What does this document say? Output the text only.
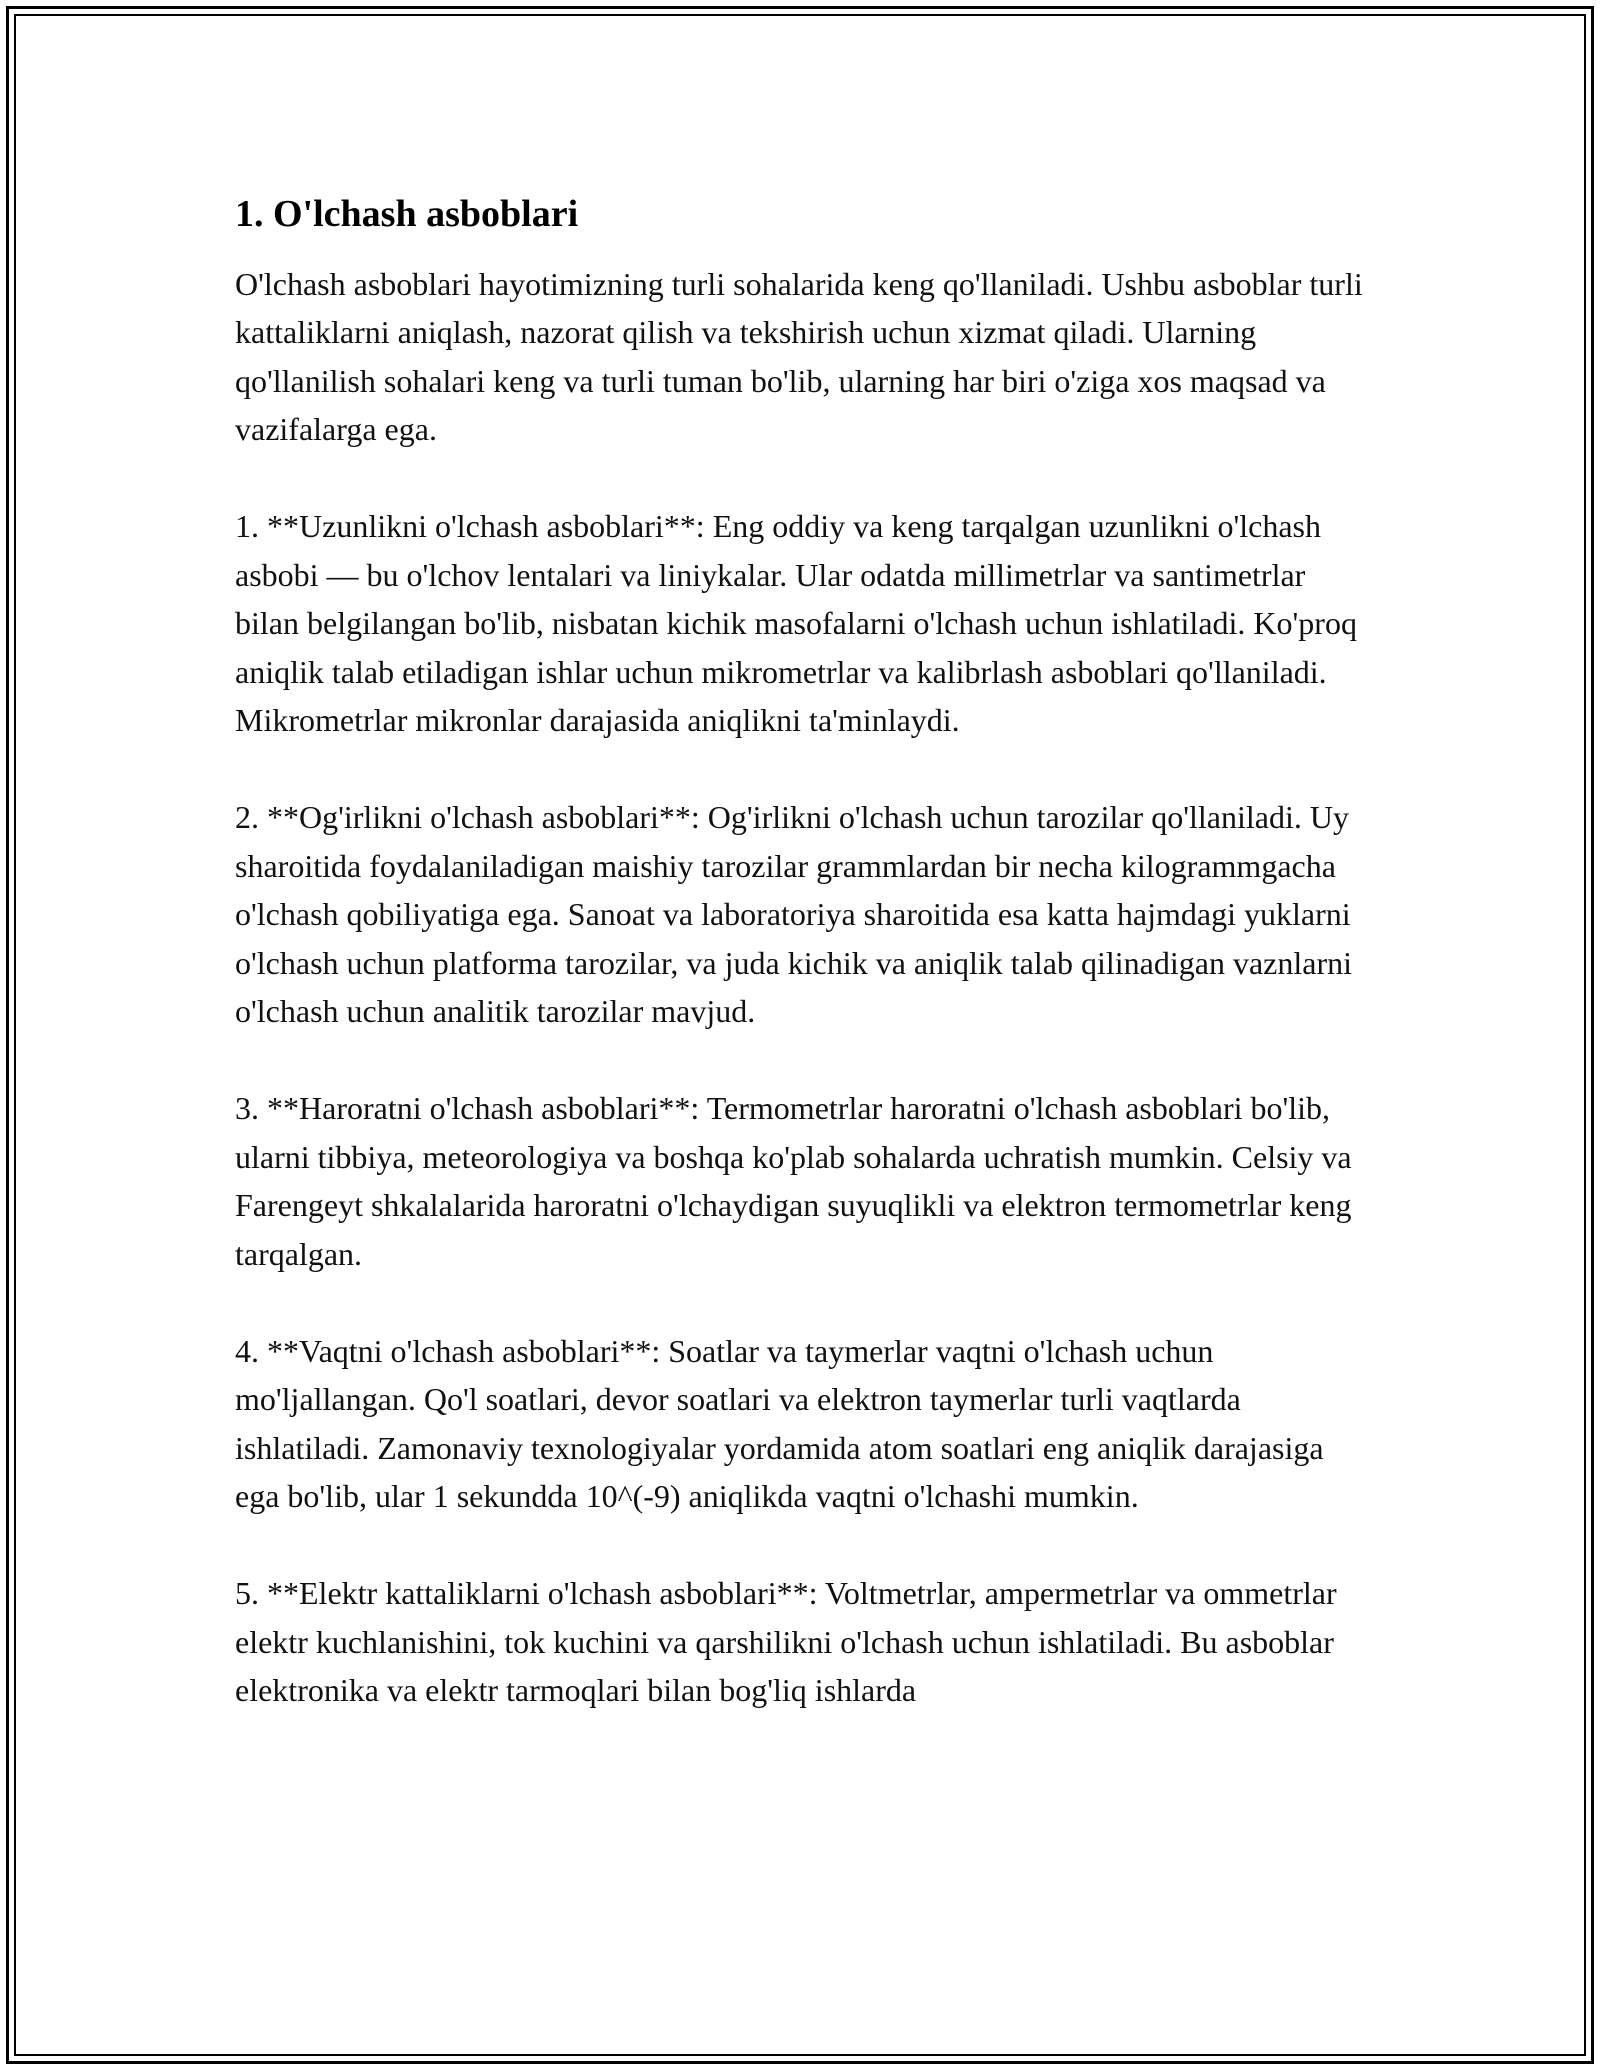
1. O'lchash asboblari

O'lchash asboblari hayotimizning turli sohalarida keng qo'llaniladi. Ushbu asboblar turli kattaliklarni aniqlash, nazorat qilish va tekshirish uchun xizmat qiladi. Ularning qo'llanilish sohalari keng va turli tuman bo'lib, ularning har biri o'ziga xos maqsad va vazifalarga ega.

1. **Uzunlikni o'lchash asboblari**: Eng oddiy va keng tarqalgan uzunlikni o'lchash asbobi — bu o'lchov lentalari va liniykalar. Ular odatda millimetrlar va santimetrlar bilan belgilangan bo'lib, nisbatan kichik masofalarni o'lchash uchun ishlatiladi. Ko'proq aniqlik talab etiladigan ishlar uchun mikrometrlar va kalibrlash asboblari qo'llaniladi. Mikrometrlar mikronlar darajasida aniqlikni ta'minlaydi.

2. **Og'irlikni o'lchash asboblari**: Og'irlikni o'lchash uchun tarozilar qo'llaniladi. Uy sharoitida foydalaniladigan maishiy tarozilar grammlardan bir necha kilogrammgacha o'lchash qobiliyatiga ega. Sanoat va laboratoriya sharoitida esa katta hajmdagi yuklarni o'lchash uchun platforma tarozilar, va juda kichik va aniqlik talab qilinadigan vaznlarni o'lchash uchun analitik tarozilar mavjud.

3. **Haroratni o'lchash asboblari**: Termometrlar haroratni o'lchash asboblari bo'lib, ularni tibbiya, meteorologiya va boshqa ko'plab sohalarda uchratish mumkin. Celsiy va Farengeyt shkalalarida haroratni o'lchaydigan suyuqlikli va elektron termometrlar keng tarqalgan.

4. **Vaqtni o'lchash asboblari**: Soatlar va taymerlar vaqtni o'lchash uchun mo'ljallangan. Qo'l soatlari, devor soatlari va elektron taymerlar turli vaqtlarda ishlatiladi. Zamonaviy texnologiyalar yordamida atom soatlari eng aniqlik darajasiga ega bo'lib, ular 1 sekundda 10^(-9) aniqlikda vaqtni o'lchashi mumkin.

5. **Elektr kattaliklarni o'lchash asboblari**: Voltmetrlar, ampermetrlar va ommetrlar elektr kuchlanishini, tok kuchini va qarshilikni o'lchash uchun ishlatiladi. Bu asboblar elektronika va elektr tarmoqlari bilan bog'liq ishlarda
